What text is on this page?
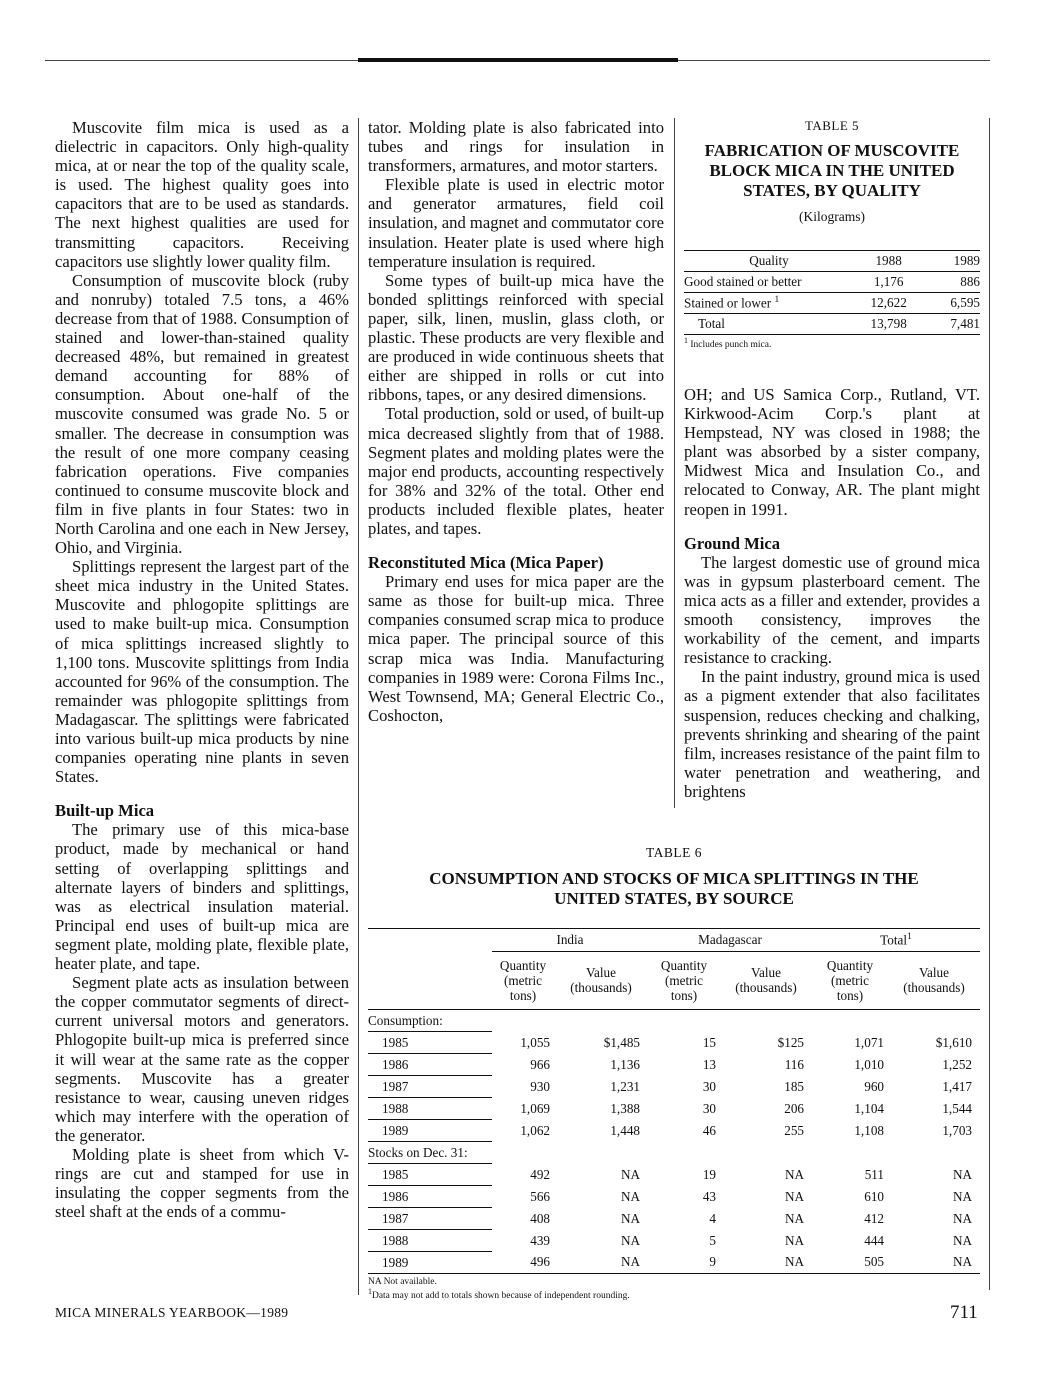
Muscovite film mica is used as a dielectric in capacitors. Only high-quality mica, at or near the top of the quality scale, is used. The highest quality goes into capacitors that are to be used as standards. The next highest qualities are used for transmitting capacitors. Receiving capacitors use slightly lower quality film.

Consumption of muscovite block (ruby and nonruby) totaled 7.5 tons, a 46% decrease from that of 1988. Consumption of stained and lower-than-stained quality decreased 48%, but remained in greatest demand accounting for 88% of consumption. About one-half of the muscovite consumed was grade No. 5 or smaller. The decrease in consumption was the result of one more company ceasing fabrication operations. Five companies continued to consume muscovite block and film in five plants in four States: two in North Carolina and one each in New Jersey, Ohio, and Virginia.

Splittings represent the largest part of the sheet mica industry in the United States. Muscovite and phlogopite splittings are used to make built-up mica. Consumption of mica splittings increased slightly to 1,100 tons. Muscovite splittings from India accounted for 96% of the consumption. The remainder was phlogopite splittings from Madagascar. The splittings were fabricated into various built-up mica products by nine companies operating nine plants in seven States.

Built-up Mica

The primary use of this mica-base product, made by mechanical or hand setting of overlapping splittings and alternate layers of binders and splittings, was as electrical insulation material. Principal end uses of built-up mica are segment plate, molding plate, flexible plate, heater plate, and tape.

Segment plate acts as insulation between the copper commutator segments of direct-current universal motors and generators. Phlogopite built-up mica is preferred since it will wear at the same rate as the copper segments. Muscovite has a greater resistance to wear, causing uneven ridges which may interfere with the operation of the generator.

Molding plate is sheet from which V-rings are cut and stamped for use in insulating the copper segments from the steel shaft at the ends of a commu-

tator. Molding plate is also fabricated into tubes and rings for insulation in transformers, armatures, and motor starters.

Flexible plate is used in electric motor and generator armatures, field coil insulation, and magnet and commutator core insulation. Heater plate is used where high temperature insulation is required.

Some types of built-up mica have the bonded splittings reinforced with special paper, silk, linen, muslin, glass cloth, or plastic. These products are very flexible and are produced in wide continuous sheets that either are shipped in rolls or cut into ribbons, tapes, or any desired dimensions.

Total production, sold or used, of built-up mica decreased slightly from that of 1988. Segment plates and molding plates were the major end products, accounting respectively for 38% and 32% of the total. Other end products included flexible plates, heater plates, and tapes.

Reconstituted Mica (Mica Paper)

Primary end uses for mica paper are the same as those for built-up mica. Three companies consumed scrap mica to produce mica paper. The principal source of this scrap mica was India. Manufacturing companies in 1989 were: Corona Films Inc., West Townsend, MA; General Electric Co., Coshocton,

TABLE 5
FABRICATION OF MUSCOVITE BLOCK MICA IN THE UNITED STATES, BY QUALITY
(Kilograms)
Quality	1988	1989
Good stained or better	1,176	886
Stained or lower $^1$	12,622	6,595
Total	13,798	7,481
$^1$ Includes punch mica.		

OH; and US Samica Corp., Rutland, VT. Kirkwood-Acim Corp.'s plant at Hempstead, NY was closed in 1988; the plant was absorbed by a sister company, Midwest Mica and Insulation Co., and relocated to Conway, AR. The plant might reopen in 1991.

Ground Mica

The largest domestic use of ground mica was in gypsum plasterboard cement. The mica acts as a filler and extender, provides a smooth consistency, improves the workability of the cement, and imparts resistance to cracking.

In the paint industry, ground mica is used as a pigment extender that also facilitates suspension, reduces checking and chalking, prevents shrinking and shearing of the paint film, increases resistance of the paint film to water penetration and weathering, and brightens

TABLE 6
CONSUMPTION AND STOCKS OF MICA SPLITTINGS IN THE UNITED STATES, BY SOURCE
	India		Madagascar		Total$^1$
	Quantity
(metric
tons)	Value
(thousands)	Quantity
(metric
tons)	Value
(thousands)	Quantity
(metric
tons)	Value
(thousands)
Consumption:						
1985	1,055	$1,485	15	$125	1,071	$1,610
1986	966	1,136	13	116	1,010	1,252
1987	930	1,231	30	185	960	1,417
1988	1,069	1,388	30	206	1,104	1,544
1989	1,062	1,448	46	255	1,108	1,703
Stocks on Dec. 31:						
1985	492	NA	19	NA	511	NA
1986	566	NA	43	NA	610	NA
1987	408	NA	4	NA	412	NA
1988	439	NA	5	NA	444	NA
1989	496	NA	9	NA	505	NA
NA Not available.						
$^1$Data may not add to totals shown because of independent rounding.						
MICA MINERALS YEARBOOK—1989	711
